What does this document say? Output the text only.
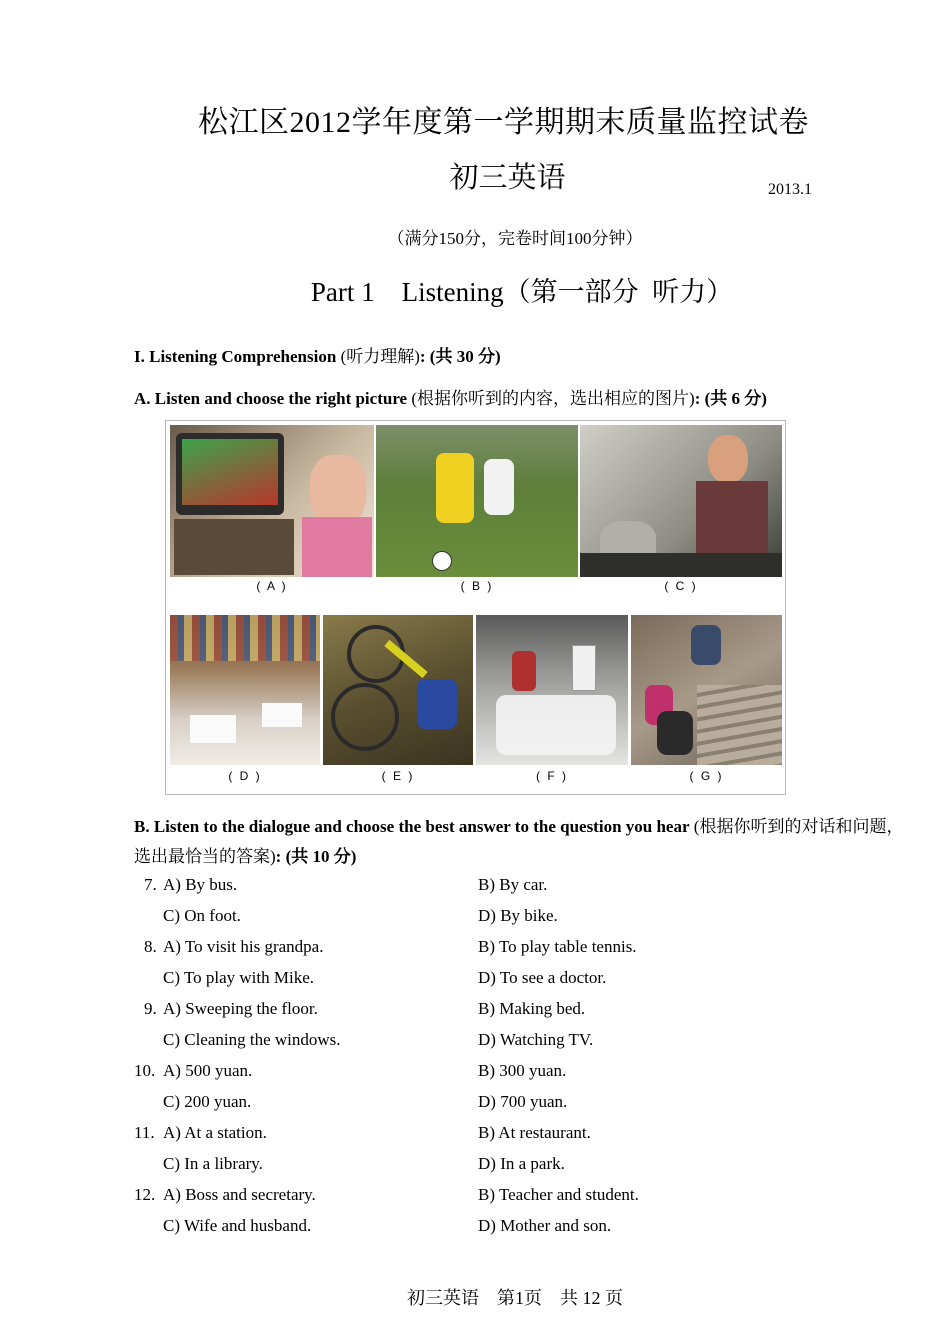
松江区2012学年度第一学期期末质量监控试卷
初三英语	2013.1
（满分150分，完卷时间100分钟）
Part 1    Listening（第一部分  听力）
I. Listening Comprehension (听力理解): (共 30 分)
A. Listen and choose the right picture (根据你听到的内容，选出相应的图片): (共 6 分)
( A )	( B )	( C )
( D )	( E )	( F )	( G )
B. Listen to the dialogue and choose the best answer to the question you hear (根据你听到的对话和问题，选出最恰当的答案): (共 10 分)
7. A) By bus.	B) By car.
C) On foot.	D) By bike.
8. A) To visit his grandpa.	B) To play table tennis.
C) To play with Mike.	D) To see a doctor.
9. A) Sweeping the floor.	B) Making bed.
C) Cleaning the windows.	D) Watching TV.
10. A) 500 yuan.	B) 300 yuan.
C) 200 yuan.	D) 700 yuan.
11. A) At a station.	B) At restaurant.
C) In a library.	D) In a park.
12. A) Boss and secretary.	B) Teacher and student.
C) Wife and husband.	D) Mother and son.
初三英语    第1页    共 12 页
